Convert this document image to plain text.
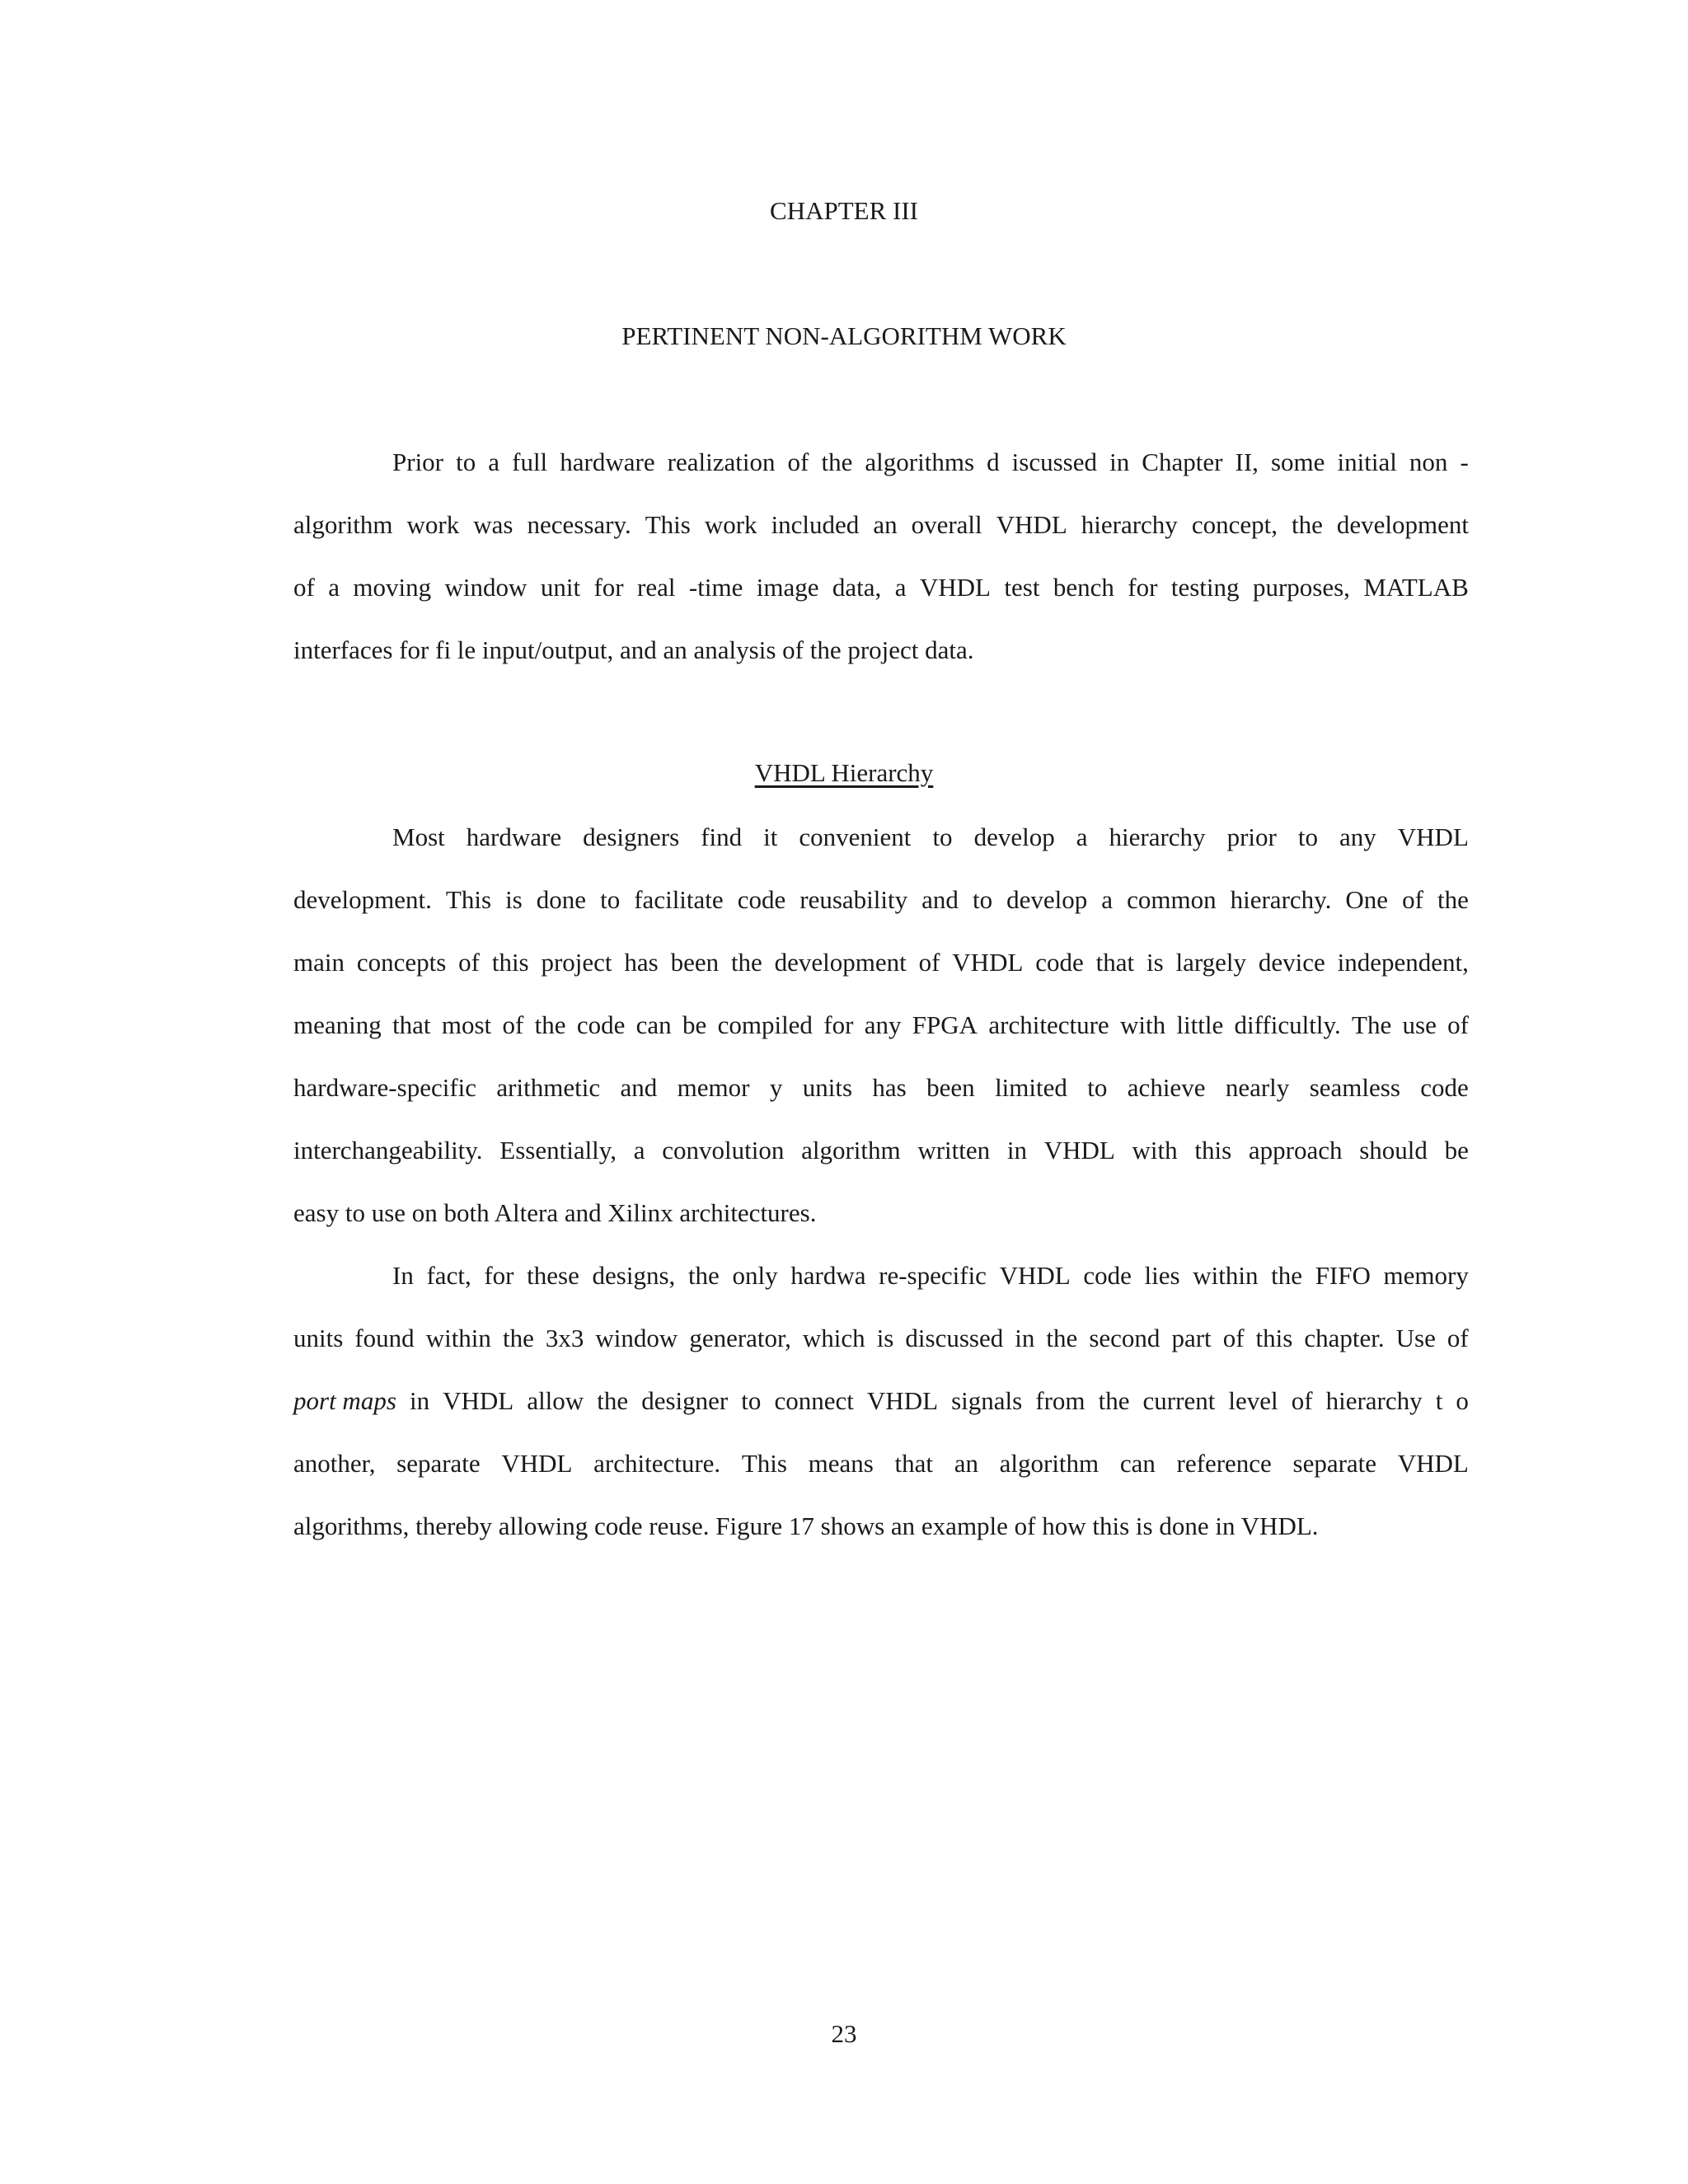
CHAPTER III
PERTINENT NON-ALGORITHM WORK
Prior to a full hardware realization of the algorithms d iscussed in Chapter II, some initial non -
algorithm work was necessary. This work included an overall VHDL hierarchy concept, the development
of a moving window unit for real -time image data, a VHDL test bench for testing purposes, MATLAB
interfaces for fi le input/output, and an analysis of the project data.
VHDL Hierarchy
Most hardware designers find it convenient to develop a hierarchy prior to any VHDL
development. This is done to facilitate code reusability and to develop a common hierarchy. One of the
main concepts of this project has been the development of VHDL code that is largely device independent,
meaning that most of the code can be compiled for any FPGA architecture with little difficultly. The use of
hardware-specific arithmetic and memor y units has been limited to achieve nearly seamless code
interchangeability. Essentially, a convolution algorithm written in VHDL with this approach should be
easy to use on both Altera and Xilinx architectures.
In fact, for these designs, the only hardwa re-specific VHDL code lies within the FIFO memory
units found within the 3x3 window generator, which is discussed in the second part of this chapter. Use of
port maps in VHDL allow the designer to connect VHDL signals from the current level of hierarchy t o
another, separate VHDL architecture. This means that an algorithm can reference separate VHDL
algorithms, thereby allowing code reuse. Figure 17 shows an example of how this is done in VHDL.
23
